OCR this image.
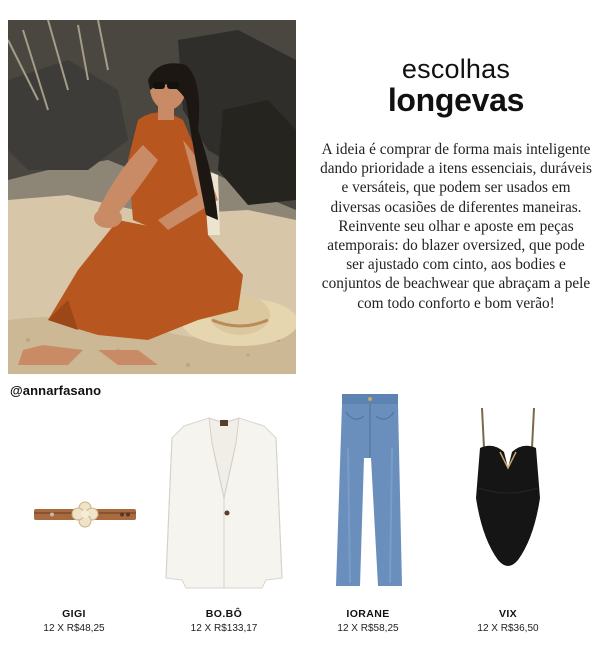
@annarfasano
escolhas
longevas
A ideia é comprar de forma mais inteligente dando prioridade a itens essenciais, duráveis e versáteis, que podem ser usados em diversas ocasiões de diferentes maneiras. Reinvente seu olhar e aposte em peças atemporais: do blazer oversized, que pode ser ajustado com cinto, aos bodies e conjuntos de beachwear que abraçam a pele com todo conforto e bom verão!
GIGI
12 X R$48,25
BO.BÔ
12 X R$133,17
IORANE
12 X R$58,25
VIX
12 X R$36,50
